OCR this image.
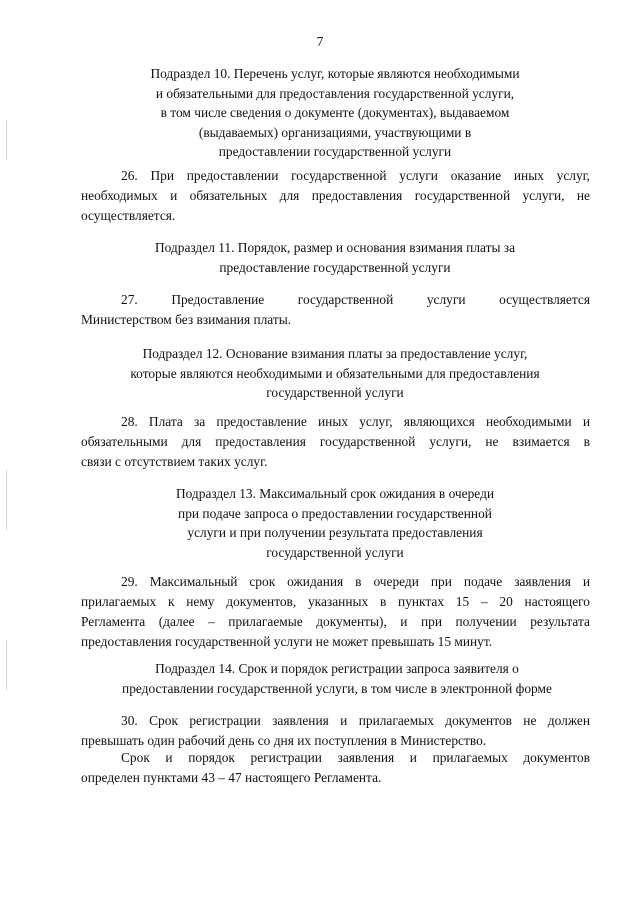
7
Подраздел 10. Перечень услуг, которые являются необходимыми
и обязательными для предоставления государственной услуги,
в том числе сведения о документе (документах), выдаваемом
(выдаваемых) организациями, участвующими в
предоставлении государственной услуги
26. При предоставлении государственной услуги оказание иных услуг,
необходимых и обязательных для предоставления государственной услуги, не
осуществляется.
Подраздел 11. Порядок, размер и основания взимания платы за
предоставление государственной услуги
27. Предоставление государственной услуги осуществляется
Министерством без взимания платы.
Подраздел 12. Основание взимания платы за предоставление услуг,
которые являются необходимыми и обязательными для предоставления
государственной услуги
28. Плата за предоставление иных услуг, являющихся необходимыми и
обязательными для предоставления государственной услуги, не взимается в
связи с отсутствием таких услуг.
Подраздел 13. Максимальный срок ожидания в очереди
при подаче запроса о предоставлении государственной
услуги и при получении результата предоставления
государственной услуги
29. Максимальный срок ожидания в очереди при подаче заявления и
прилагаемых к нему документов, указанных в пунктах 15 – 20 настоящего
Регламента (далее – прилагаемые документы), и при получении результата
предоставления государственной услуги не может превышать 15 минут.
Подраздел 14. Срок и порядок регистрации запроса заявителя о
предоставлении государственной услуги, в том числе в электронной форме
30. Срок регистрации заявления и прилагаемых документов не должен
превышать один рабочий день со дня их поступления в Министерство.
Срок и порядок регистрации заявления и прилагаемых документов
определен пунктами 43 – 47 настоящего Регламента.
